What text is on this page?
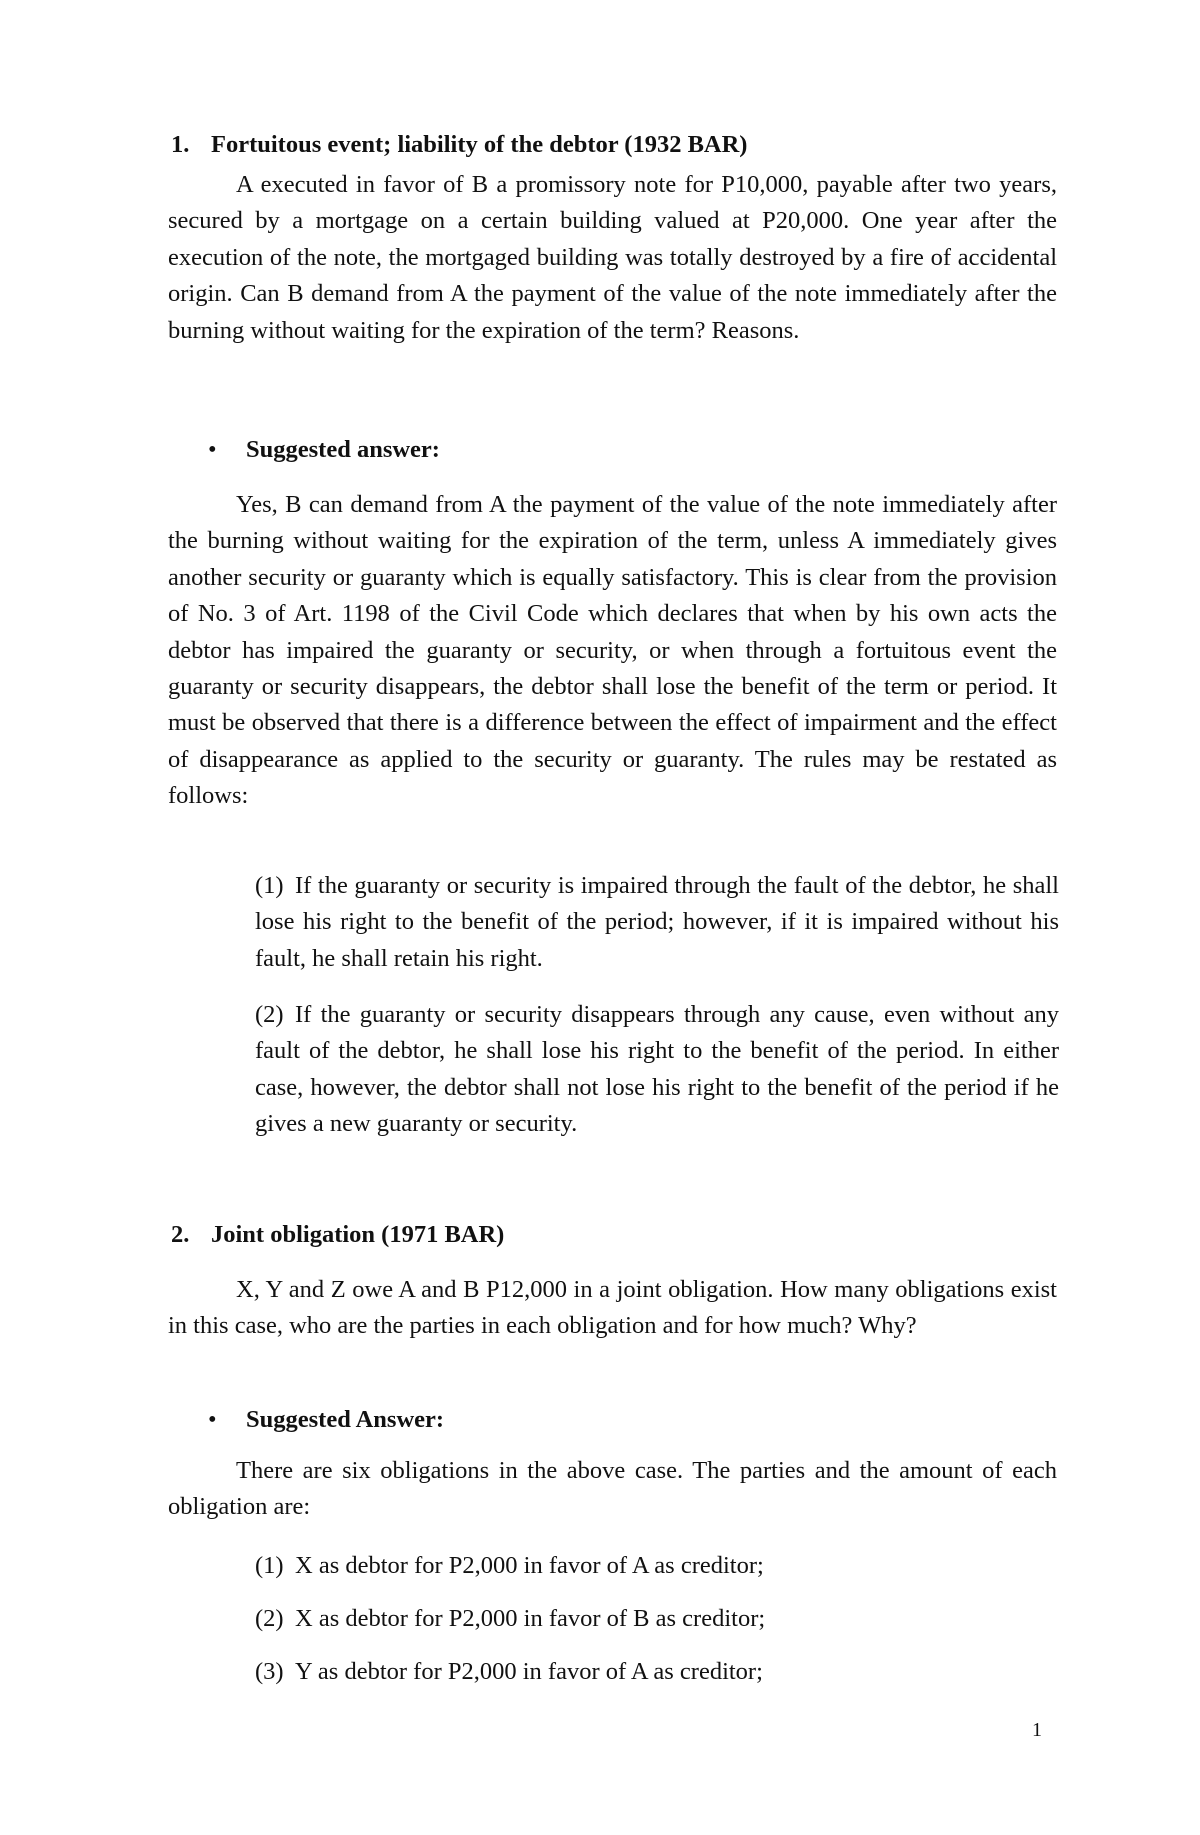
1. Fortuitous event; liability of the debtor (1932 BAR)

A executed in favor of B a promissory note for P10,000, payable after two years, secured by a mortgage on a certain building valued at P20,000. One year after the execution of the note, the mortgaged building was totally destroyed by a fire of accidental origin. Can B demand from A the payment of the value of the note immediately after the burning without waiting for the expiration of the term? Reasons.

• Suggested answer:

Yes, B can demand from A the payment of the value of the note immediately after the burning without waiting for the expiration of the term, unless A immediately gives another security or guaranty which is equally satisfactory. This is clear from the provision of No. 3 of Art. 1198 of the Civil Code which declares that when by his own acts the debtor has impaired the guaranty or security, or when through a fortuitous event the guaranty or security disappears, the debtor shall lose the benefit of the term or period. It must be observed that there is a difference between the effect of impairment and the effect of disappearance as applied to the security or guaranty. The rules may be restated as follows:

(1) If the guaranty or security is impaired through the fault of the debtor, he shall lose his right to the benefit of the period; however, if it is impaired without his fault, he shall retain his right.

(2) If the guaranty or security disappears through any cause, even without any fault of the debtor, he shall lose his right to the benefit of the period. In either case, however, the debtor shall not lose his right to the benefit of the period if he gives a new guaranty or security.

2. Joint obligation (1971 BAR)

X, Y and Z owe A and B P12,000 in a joint obligation. How many obligations exist in this case, who are the parties in each obligation and for how much? Why?

• Suggested Answer:

There are six obligations in the above case. The parties and the amount of each obligation are:

(1) X as debtor for P2,000 in favor of A as creditor;
(2) X as debtor for P2,000 in favor of B as creditor;
(3) Y as debtor for P2,000 in favor of A as creditor;
1
